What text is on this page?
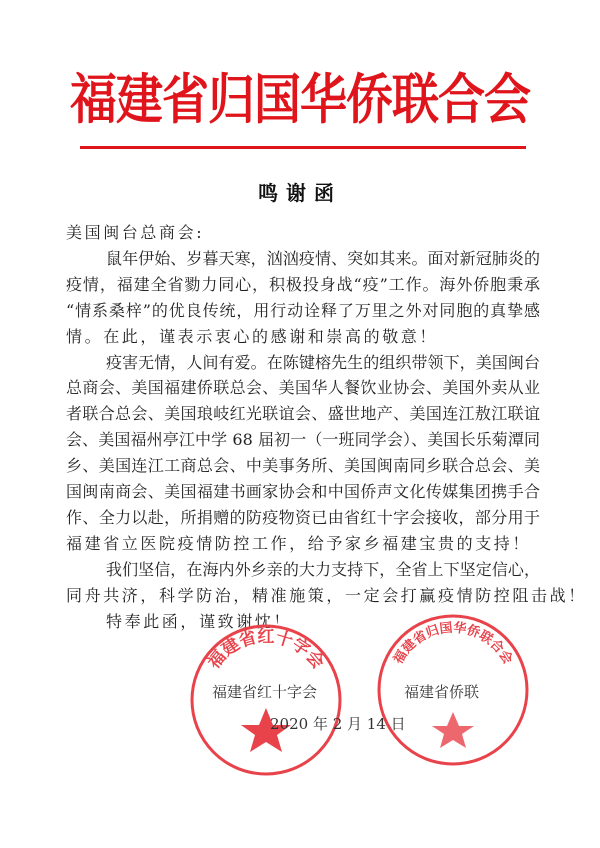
福建省归国华侨联合会
鸣谢函
美国闽台总商会:
鼠年伊始、岁暮天寒，汹汹疫情、突如其来。面对新冠肺炎的
疫情，福建全省勠力同心，积极投身战“疫”工作。海外侨胞秉承
“情系桑梓”的优良传统，用行动诠释了万里之外对同胞的真挚感
情。在此，谨表示衷心的感谢和崇高的敬意！
疫害无情，人间有爱。在陈键榕先生的组织带领下，美国闽台
总商会、美国福建侨联总会、美国华人餐饮业协会、美国外卖从业
者联合总会、美国琅岐红光联谊会、盛世地产、美国连江敖江联谊
会、美国福州亭江中学 68 届初一（一班同学会）、美国长乐菊潭同
乡、美国连江工商总会、中美事务所、美国闽南同乡联合总会、美
国闽南商会、美国福建书画家协会和中国侨声文化传媒集团携手合
作、全力以赴，所捐赠的防疫物资已由省红十字会接收，部分用于
福建省立医院疫情防控工作，给予家乡福建宝贵的支持！
我们坚信，在海内外乡亲的大力支持下，全省上下坚定信心，
同舟共济，科学防治，精准施策，一定会打赢疫情防控阻击战！
特奉此函，谨致谢忱！
福建省红十字会	福建省归国华侨联合会
福建省红十字会	福建省侨联
2020 年 2 月 14 日
